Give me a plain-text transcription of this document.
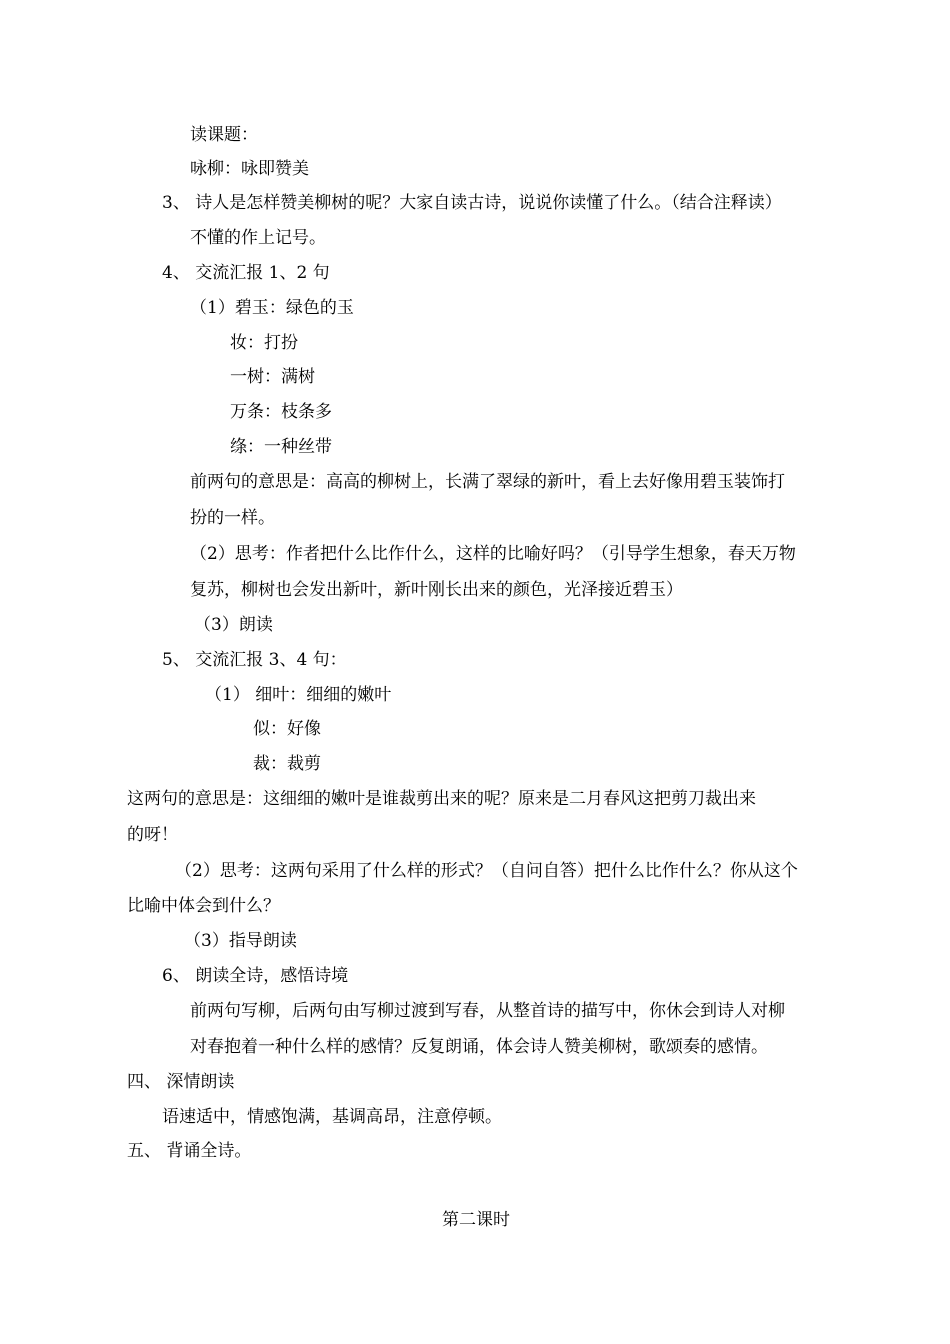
读课题：
咏柳：咏即赞美
3、 诗人是怎样赞美柳树的呢？大家自读古诗，说说你读懂了什么。（结合注释读）
不懂的作上记号。
4、 交流汇报 1、2 句
（1）碧玉：绿色的玉
妆：打扮
一树：满树
万条：枝条多
绦：一种丝带
前两句的意思是：高高的柳树上，长满了翠绿的新叶，看上去好像用碧玉装饰打
扮的一样。
（2）思考：作者把什么比作什么，这样的比喻好吗？（引导学生想象，春天万物
复苏，柳树也会发出新叶，新叶刚长出来的颜色，光泽接近碧玉）
（3）朗读
5、 交流汇报 3、4 句：
（1） 细叶：细细的嫩叶
似：好像
裁：裁剪
这两句的意思是：这细细的嫩叶是谁裁剪出来的呢？原来是二月春风这把剪刀裁出来
的呀！
（2）思考：这两句采用了什么样的形式？（自问自答）把什么比作什么？你从这个
比喻中体会到什么？
（3）指导朗读
6、 朗读全诗，感悟诗境
前两句写柳，后两句由写柳过渡到写春，从整首诗的描写中，你休会到诗人对柳
对春抱着一种什么样的感情？反复朗诵，体会诗人赞美柳树，歌颂奏的感情。
四、 深情朗读
语速适中，情感饱满，基调高昂，注意停顿。
五、 背诵全诗。
第二课时
